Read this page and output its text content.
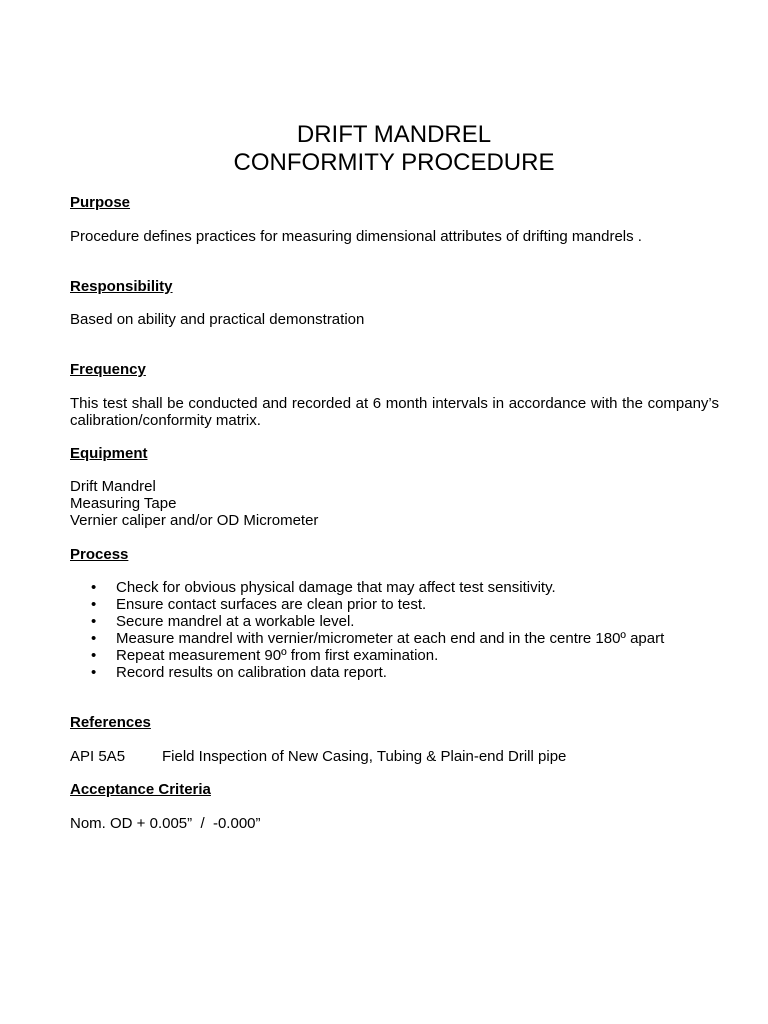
DRIFT MANDREL
CONFORMITY PROCEDURE
Purpose
Procedure defines practices for measuring dimensional attributes of drifting mandrels .
Responsibility
Based on ability and practical demonstration
Frequency
This test shall be conducted and recorded at 6 month intervals in accordance with the company’s calibration/conformity matrix.
Equipment
Drift Mandrel
Measuring Tape
Vernier caliper and/or OD Micrometer
Process
• Check for obvious physical damage that may affect test sensitivity.
• Ensure contact surfaces are clean prior to test.
• Secure mandrel at a workable level.
• Measure mandrel with vernier/micrometer at each end and in the centre 180º apart
• Repeat measurement 90º from first examination.
• Record results on calibration data report.
References
API 5A5 Field Inspection of New Casing, Tubing & Plain-end Drill pipe
Acceptance Criteria
Nom. OD + 0.005”  /  -0.000”
